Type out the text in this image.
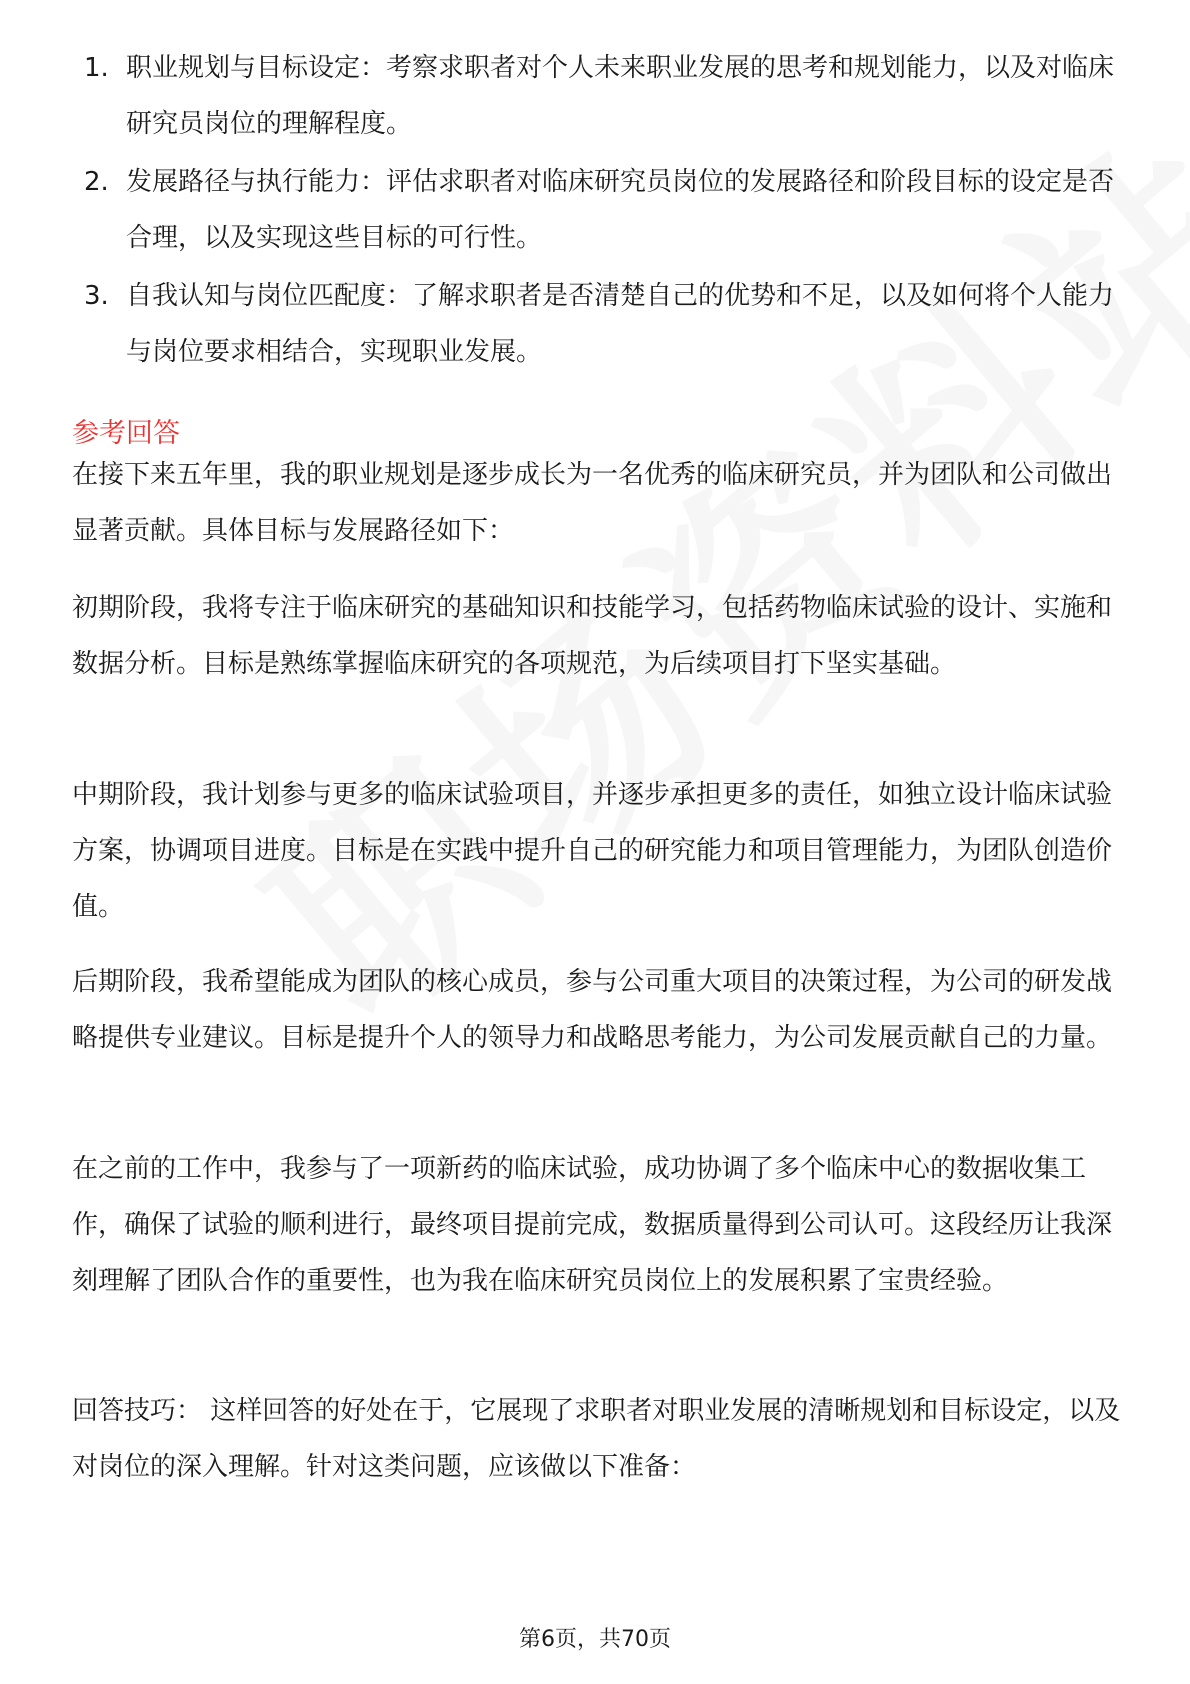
1. 职业规划与目标设定：考察求职者对个人未来职业发展的思考和规划能力，以及对临床研究员岗位的理解程度。
2. 发展路径与执行能力：评估求职者对临床研究员岗位的发展路径和阶段目标的设定是否合理，以及实现这些目标的可行性。
3. 自我认知与岗位匹配度：了解求职者是否清楚自己的优势和不足，以及如何将个人能力与岗位要求相结合，实现职业发展。
参考回答

在接下来五年里，我的职业规划是逐步成长为一名优秀的临床研究员，并为团队和公司做出显著贡献。具体目标与发展路径如下：

初期阶段，我将专注于临床研究的基础知识和技能学习，包括药物临床试验的设计、实施和数据分析。目标是熟练掌握临床研究的各项规范，为后续项目打下坚实基础。

中期阶段，我计划参与更多的临床试验项目，并逐步承担更多的责任，如独立设计临床试验方案，协调项目进度。目标是在实践中提升自己的研究能力和项目管理能力，为团队创造价值。

后期阶段，我希望能成为团队的核心成员，参与公司重大项目的决策过程，为公司的研发战略提供专业建议。目标是提升个人的领导力和战略思考能力，为公司发展贡献自己的力量。

在之前的工作中，我参与了一项新药的临床试验，成功协调了多个临床中心的数据收集工作，确保了试验的顺利进行，最终项目提前完成，数据质量得到公司认可。这段经历让我深刻理解了团队合作的重要性，也为我在临床研究员岗位上的发展积累了宝贵经验。

回答技巧： 这样回答的好处在于，它展现了求职者对职业发展的清晰规划和目标设定，以及对岗位的深入理解。针对这类问题，应该做以下准备：

第6页，共70页
